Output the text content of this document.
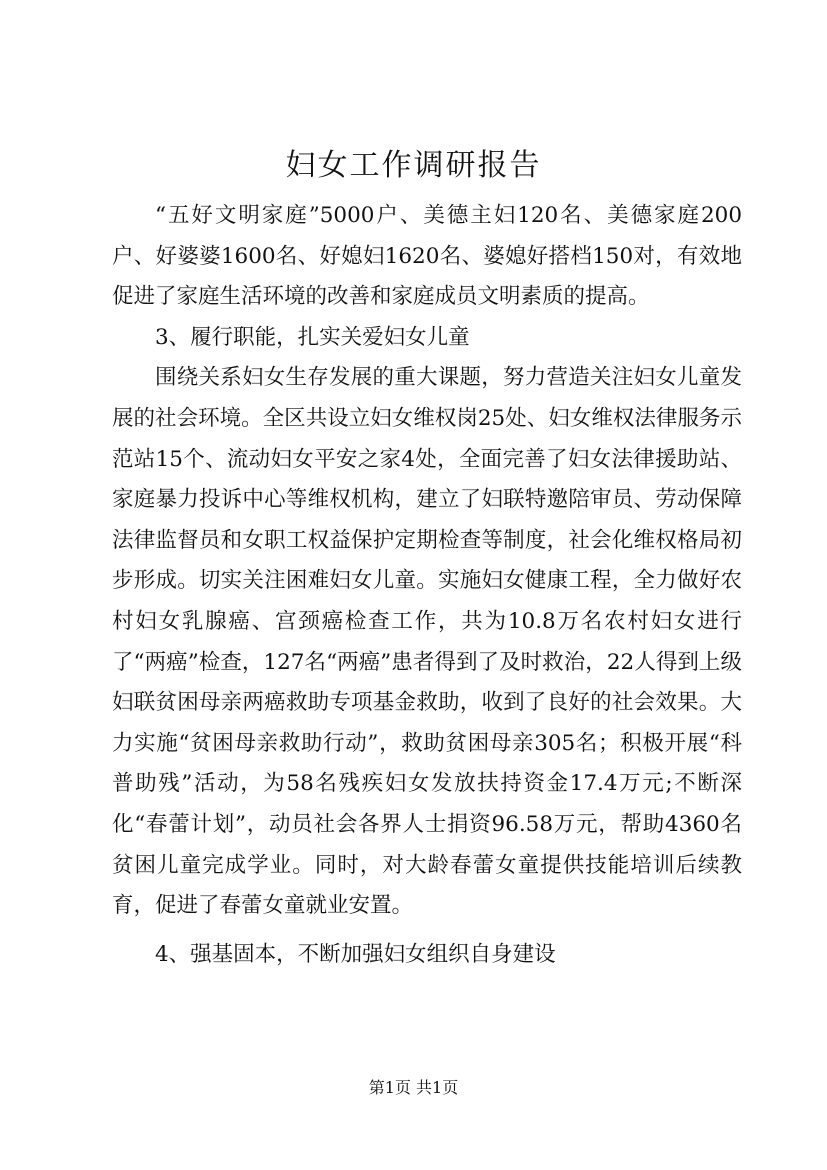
妇女工作调研报告

“五好文明家庭”5000户、美德主妇120名、美德家庭200户、好婆婆1600名、好媳妇1620名、婆媳好搭档150对，有效地促进了家庭生活环境的改善和家庭成员文明素质的提高。

3、履行职能，扎实关爱妇女儿童

围绕关系妇女生存发展的重大课题，努力营造关注妇女儿童发展的社会环境。全区共设立妇女维权岗25处、妇女维权法律服务示范站15个、流动妇女平安之家4处，全面完善了妇女法律援助站、家庭暴力投诉中心等维权机构，建立了妇联特邀陪审员、劳动保障法律监督员和女职工权益保护定期检查等制度，社会化维权格局初步形成。切实关注困难妇女儿童。实施妇女健康工程，全力做好农村妇女乳腺癌、宫颈癌检查工作，共为10.8万名农村妇女进行了“两癌”检查，127名“两癌”患者得到了及时救治，22人得到上级妇联贫困母亲两癌救助专项基金救助，收到了良好的社会效果。大力实施“贫困母亲救助行动”，救助贫困母亲305名；积极开展“科普助残”活动，为58名残疾妇女发放扶持资金17.4万元;不断深化“春蕾计划”，动员社会各界人士捐资96.58万元，帮助4360名贫困儿童完成学业。同时，对大龄春蕾女童提供技能培训后续教育，促进了春蕾女童就业安置。

4、强基固本，不断加强妇女组织自身建设

第1页 共1页
